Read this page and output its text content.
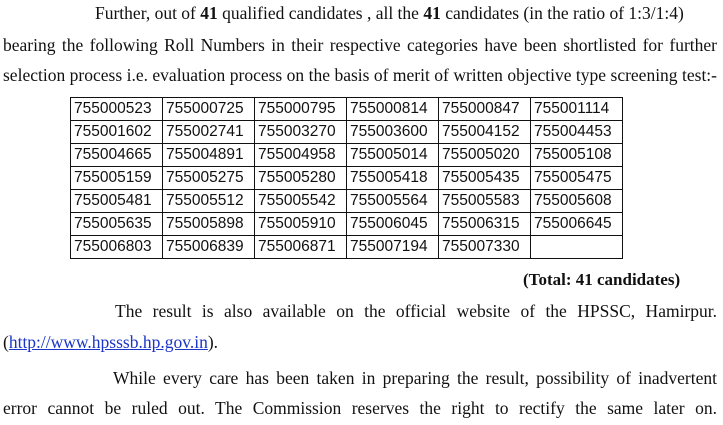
Further, out of 41 qualified candidates , all the 41 candidates (in the ratio of 1:3/1:4)
bearing the following Roll Numbers in their respective categories have been shortlisted for further
selection process i.e. evaluation process on the basis of merit of written objective type screening test:-
755000523	755000725	755000795	755000814	755000847	755001114
755001602	755002741	755003270	755003600	755004152	755004453
755004665	755004891	755004958	755005014	755005020	755005108
755005159	755005275	755005280	755005418	755005435	755005475
755005481	755005512	755005542	755005564	755005583	755005608
755005635	755005898	755005910	755006045	755006315	755006645
755006803	755006839	755006871	755007194	755007330	
(Total: 41 candidates)
The result is also available on the official website of the HPSSC, Hamirpur.
(http://www.hpsssb.hp.gov.in).
While every care has been taken in preparing the result, possibility of inadvertent
error cannot be ruled out. The Commission reserves the right to rectify the same later on.
